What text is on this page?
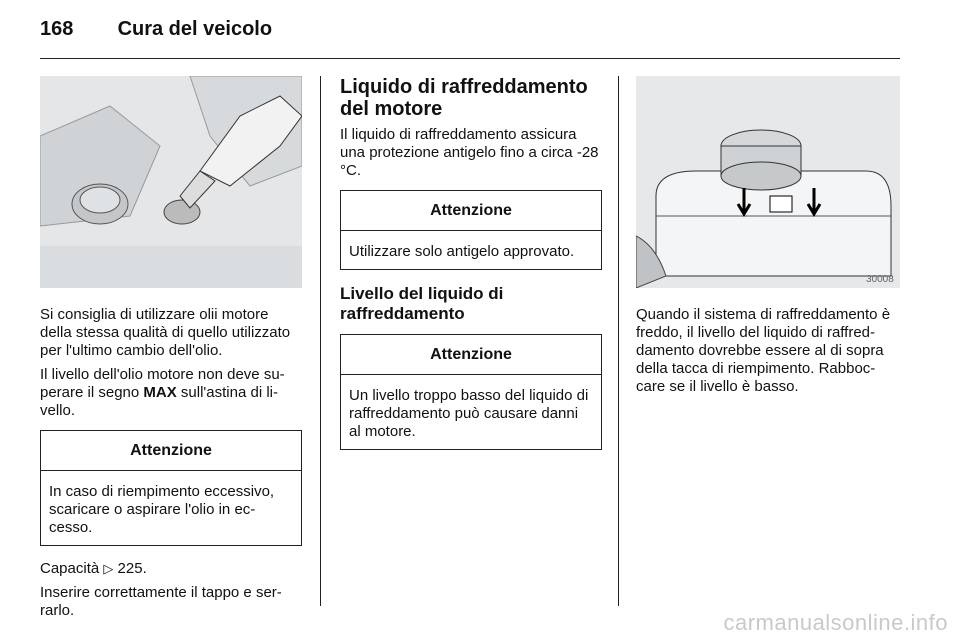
168 Cura del veicolo

Si consiglia di utilizzare olii motore della stessa qualità di quello utilizzato per l'ultimo cambio dell'olio.

Il livello dell'olio motore non deve su-perare il segno MAX sull'astina di li-vello.

Attenzione
In caso di riempimento eccessivo, scaricare o aspirare l'olio in ec-cesso.

Capacità ▷ 225.

Inserire correttamente il tappo e ser-rarlo.

Liquido di raffreddamento del motore

Il liquido di raffreddamento assicura una protezione antigelo fino a circa -28 °C.

Attenzione
Utilizzare solo antigelo approvato.
Livello del liquido di raffreddamento
Attenzione
Un livello troppo basso del liquido di raffreddamento può causare danni al motore.
30008

Quando il sistema di raffreddamento è freddo, il livello del liquido di raffred-damento dovrebbe essere al di sopra della tacca di riempimento. Rabboc-care se il livello è basso.

carmanualsonline.info
